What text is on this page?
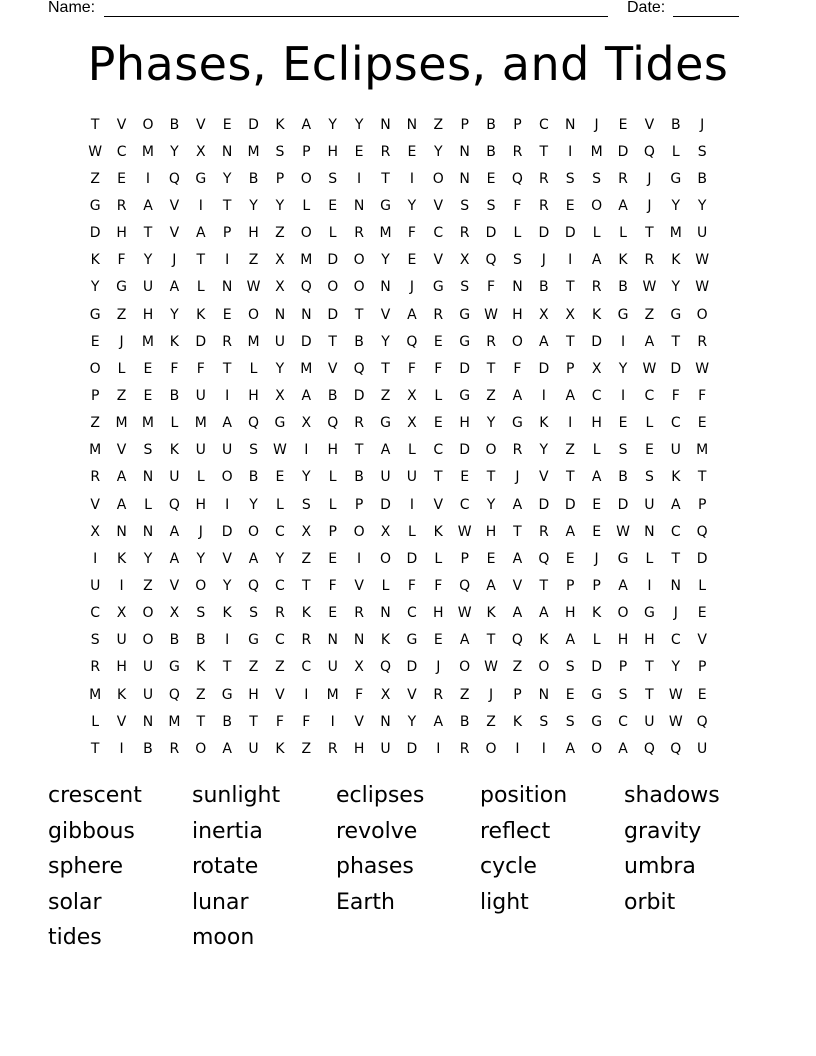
Name:	Date:
Phases, Eclipses, and Tides
T	V	O	B	V	E	D	K	A	Y	Y	N	N	Z	P	B	P	C	N	J	E	V	B	J
W	C	M	Y	X	N	M	S	P	H	E	R	E	Y	N	B	R	T	I	M	D	Q	L	S
Z	E	I	Q	G	Y	B	P	O	S	I	T	I	O	N	E	Q	R	S	S	R	J	G	B
G	R	A	V	I	T	Y	Y	L	E	N	G	Y	V	S	S	F	R	E	O	A	J	Y	Y
D	H	T	V	A	P	H	Z	O	L	R	M	F	C	R	D	L	D	D	L	L	T	M	U
K	F	Y	J	T	I	Z	X	M	D	O	Y	E	V	X	Q	S	J	I	A	K	R	K	W
Y	G	U	A	L	N	W	X	Q	O	O	N	J	G	S	F	N	B	T	R	B	W	Y	W
G	Z	H	Y	K	E	O	N	N	D	T	V	A	R	G	W	H	X	X	K	G	Z	G	O
E	J	M	K	D	R	M	U	D	T	B	Y	Q	E	G	R	O	A	T	D	I	A	T	R
O	L	E	F	F	T	L	Y	M	V	Q	T	F	F	D	T	F	D	P	X	Y	W	D	W
P	Z	E	B	U	I	H	X	A	B	D	Z	X	L	G	Z	A	I	A	C	I	C	F	F
Z	M	M	L	M	A	Q	G	X	Q	R	G	X	E	H	Y	G	K	I	H	E	L	C	E
M	V	S	K	U	U	S	W	I	H	T	A	L	C	D	O	R	Y	Z	L	S	E	U	M
R	A	N	U	L	O	B	E	Y	L	B	U	U	T	E	T	J	V	T	A	B	S	K	T
V	A	L	Q	H	I	Y	L	S	L	P	D	I	V	C	Y	A	D	D	E	D	U	A	P
X	N	N	A	J	D	O	C	X	P	O	X	L	K	W	H	T	R	A	E	W	N	C	Q
I	K	Y	A	Y	V	A	Y	Z	E	I	O	D	L	P	E	A	Q	E	J	G	L	T	D
U	I	Z	V	O	Y	Q	C	T	F	V	L	F	F	Q	A	V	T	P	P	A	I	N	L
C	X	O	X	S	K	S	R	K	E	R	N	C	H	W	K	A	A	H	K	O	G	J	E
S	U	O	B	B	I	G	C	R	N	N	K	G	E	A	T	Q	K	A	L	H	H	C	V
R	H	U	G	K	T	Z	Z	C	U	X	Q	D	J	O W	Z	O	S	D	P	T	Y	P
M	K	U	Q	Z	G	H	V	I	M	F	X	V	R	Z	J	P	N	E	G	S	T	W	E
L	V	N	M	T	B	T	F	F	I	V	N	Y	A	B	Z	K	S	S	G	C	U	W Q
T	I	B	R	O	A	U	K	Z	R	H	U	D	I	R	O	I	I	A	O	A	Q	Q	U
crescent	sunlight	eclipses	position	shadows
gibbous	inertia	revolve	reflect	gravity
sphere	rotate	phases	cycle	umbra
solar	lunar	Earth	light	orbit
tides	moon
